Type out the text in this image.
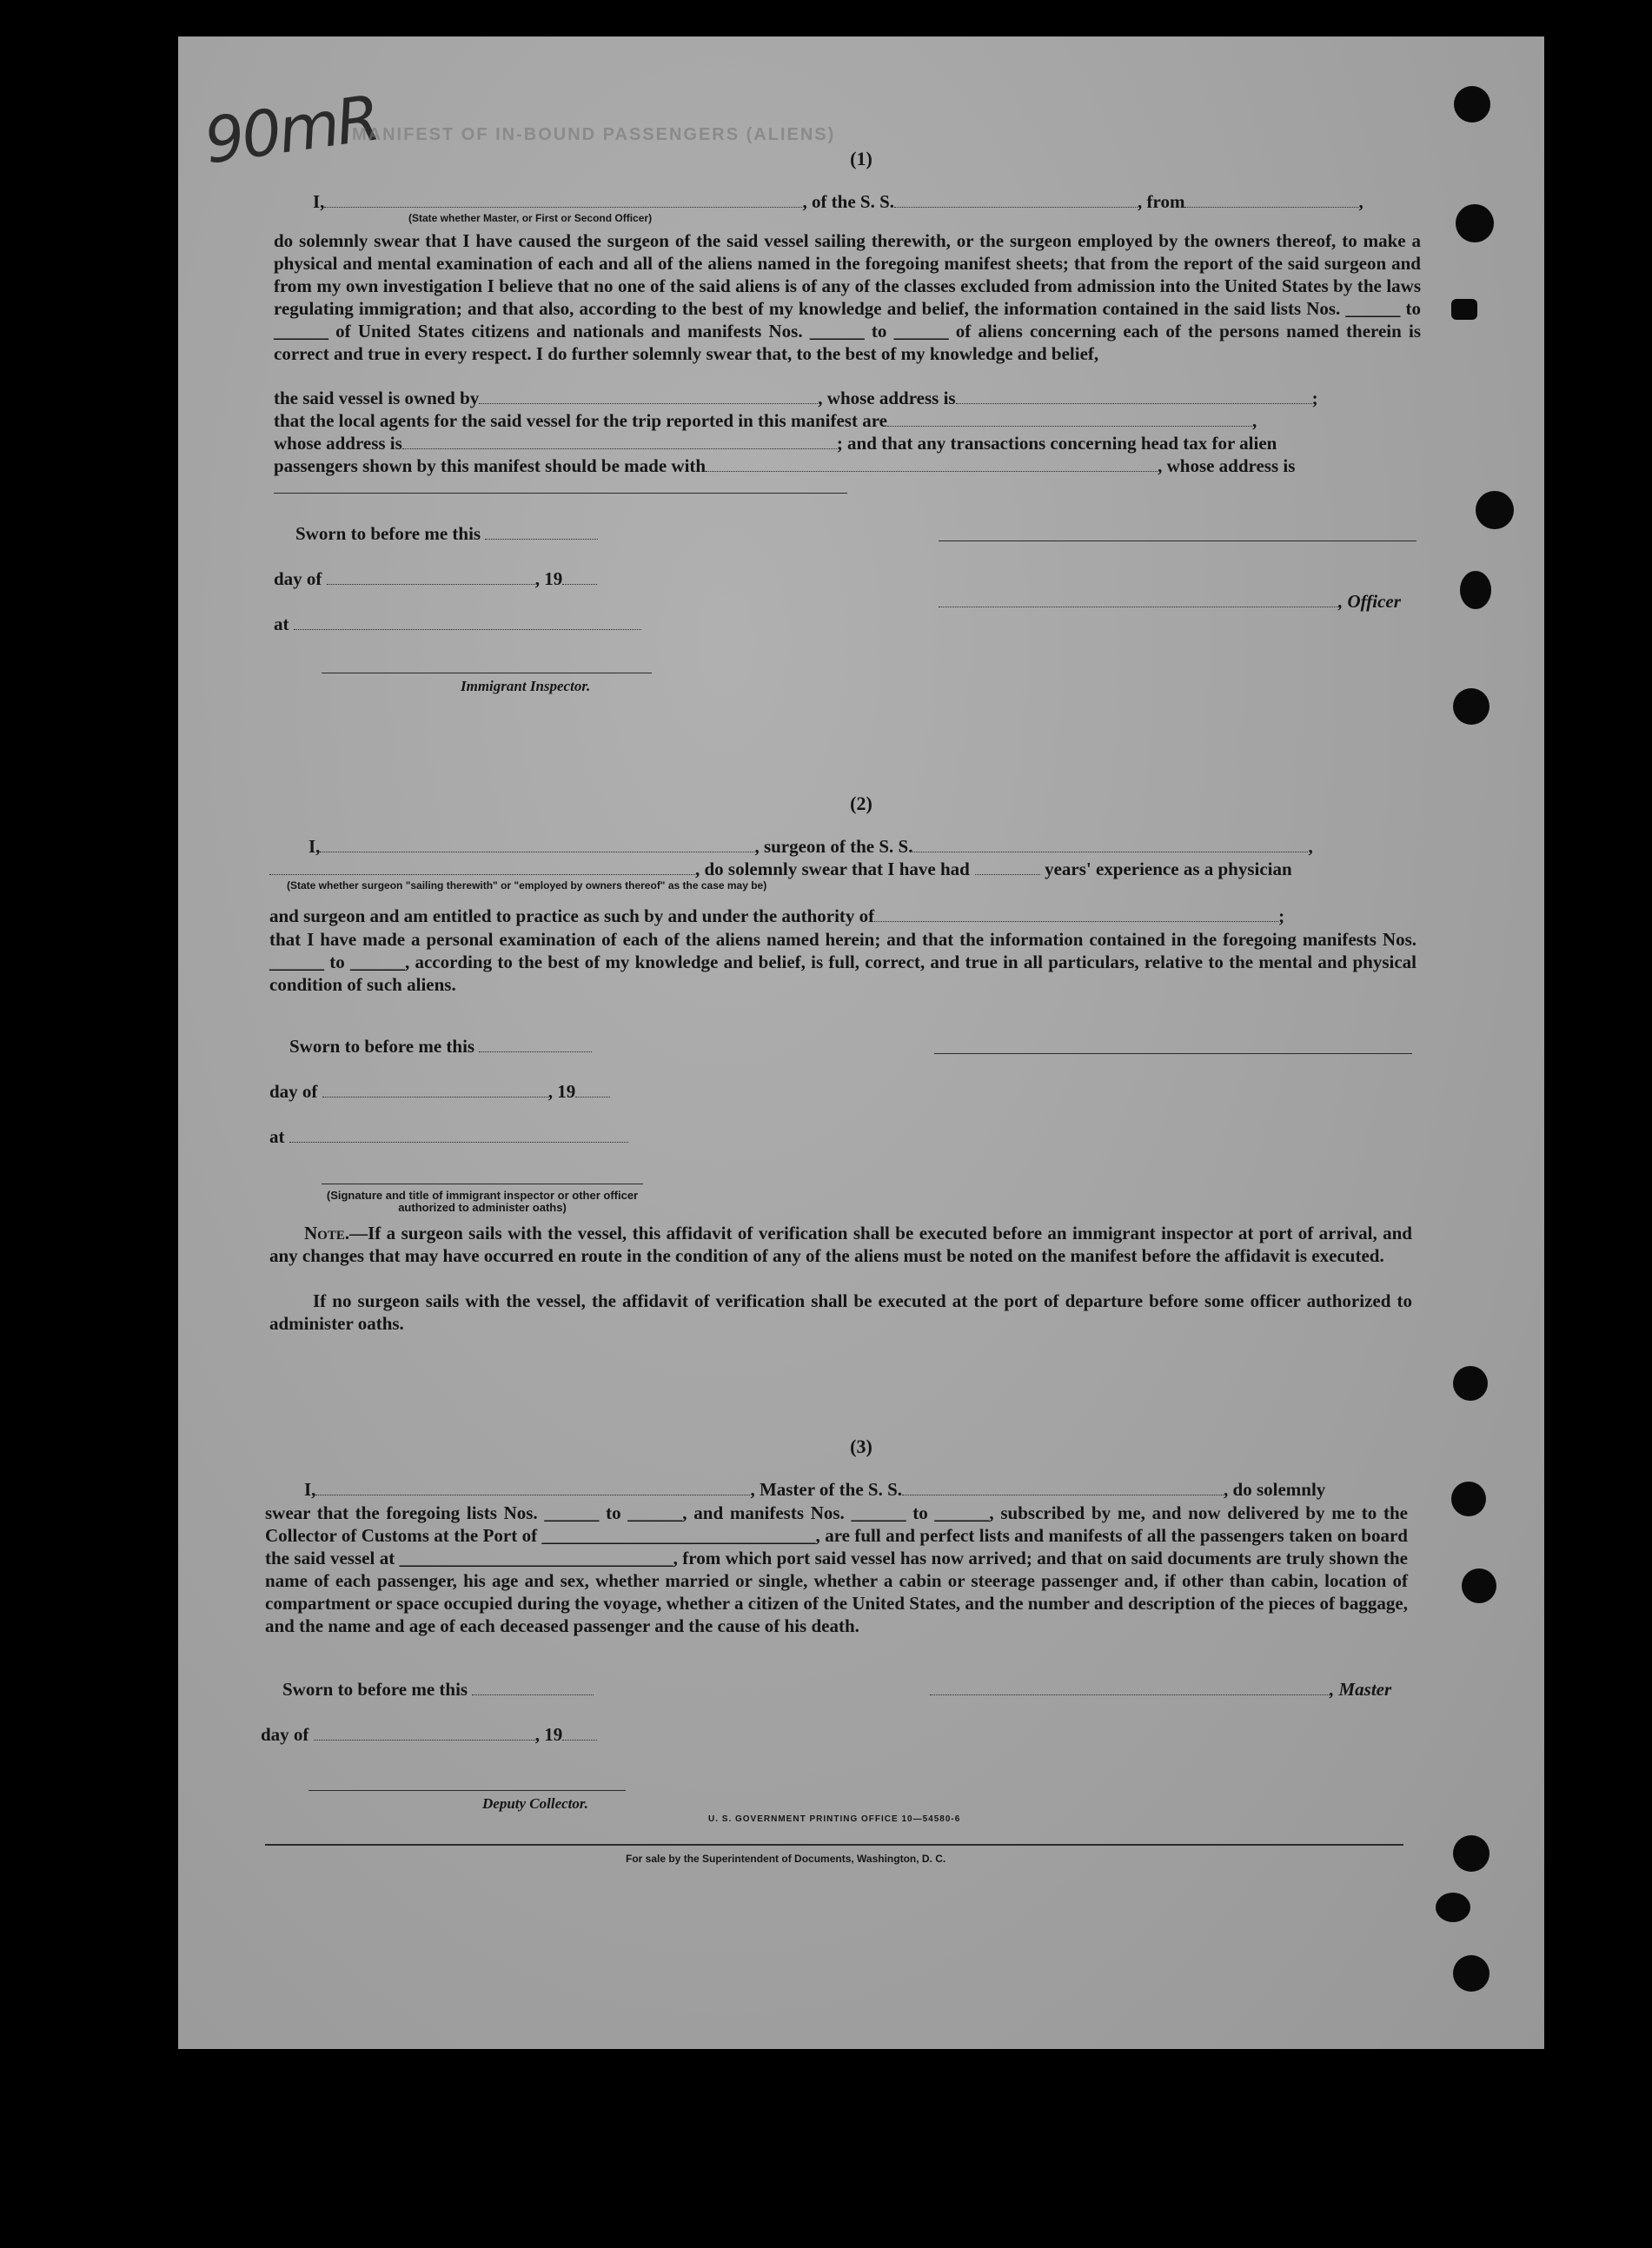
90mR
MANIFEST OF IN-BOUND PASSENGERS (ALIENS)
(1)
I,	, of the S. S.	, from	,
(State whether Master, or First or Second Officer)
do solemnly swear that I have caused the surgeon of the said vessel sailing therewith, or the surgeon employed by the owners thereof, to make a physical and mental examination of each and all of the aliens named in the foregoing manifest sheets; that from the report of the said surgeon and from my own investigation I believe that no one of the said aliens is of any of the classes excluded from admission into the United States by the laws regulating immigration; and that also, according to the best of my knowledge and belief, the information contained in the said lists Nos. ______ to ______ of United States citizens and nationals and manifests Nos. ______ to ______ of aliens concerning each of the persons named therein is correct and true in every respect. I do further solemnly swear that, to the best of my knowledge and belief,
the said vessel is owned by	, whose address is	;
that the local agents for the said vessel for the trip reported in this manifest are	,
whose address is	; and that any transactions concerning head tax for alien
passengers shown by this manifest should be made with	, whose address is
Sworn to before me this
day of	, 19
, Officer
at
Immigrant Inspector.
(2)
I,	, surgeon of the S. S.	,
, do solemnly swear that I have had	years' experience as a physician
(State whether surgeon "sailing therewith" or "employed by owners thereof" as the case may be)
and surgeon and am entitled to practice as such by and under the authority of	;
that I have made a personal examination of each of the aliens named herein; and that the information contained in the foregoing manifests Nos. ______ to ______, according to the best of my knowledge and belief, is full, correct, and true in all particulars, relative to the mental and physical condition of such aliens.
Sworn to before me this
day of	, 19
at
(Signature and title of immigrant inspector or other officer authorized to administer oaths)
Note.—If a surgeon sails with the vessel, this affidavit of verification shall be executed before an immigrant inspector at port of arrival, and any changes that may have occurred en route in the condition of any of the aliens must be noted on the manifest before the affidavit is executed.
If no surgeon sails with the vessel, the affidavit of verification shall be executed at the port of departure before some officer authorized to administer oaths.
(3)
I,	, Master of the S. S.	, do solemnly
swear that the foregoing lists Nos. ______ to ______, and manifests Nos. ______ to ______, subscribed by me, and now delivered by me to the Collector of Customs at the Port of ______________________________, are full and perfect lists and manifests of all the passengers taken on board the said vessel at ______________________________, from which port said vessel has now arrived; and that on said documents are truly shown the name of each passenger, his age and sex, whether married or single, whether a cabin or steerage passenger and, if other than cabin, location of compartment or space occupied during the voyage, whether a citizen of the United States, and the number and description of the pieces of baggage, and the name and age of each deceased passenger and the cause of his death.
Sworn to before me this	, Master
day of	, 19
Deputy Collector.
U. S. GOVERNMENT PRINTING OFFICE 10—54580-6
For sale by the Superintendent of Documents, Washington, D. C.
